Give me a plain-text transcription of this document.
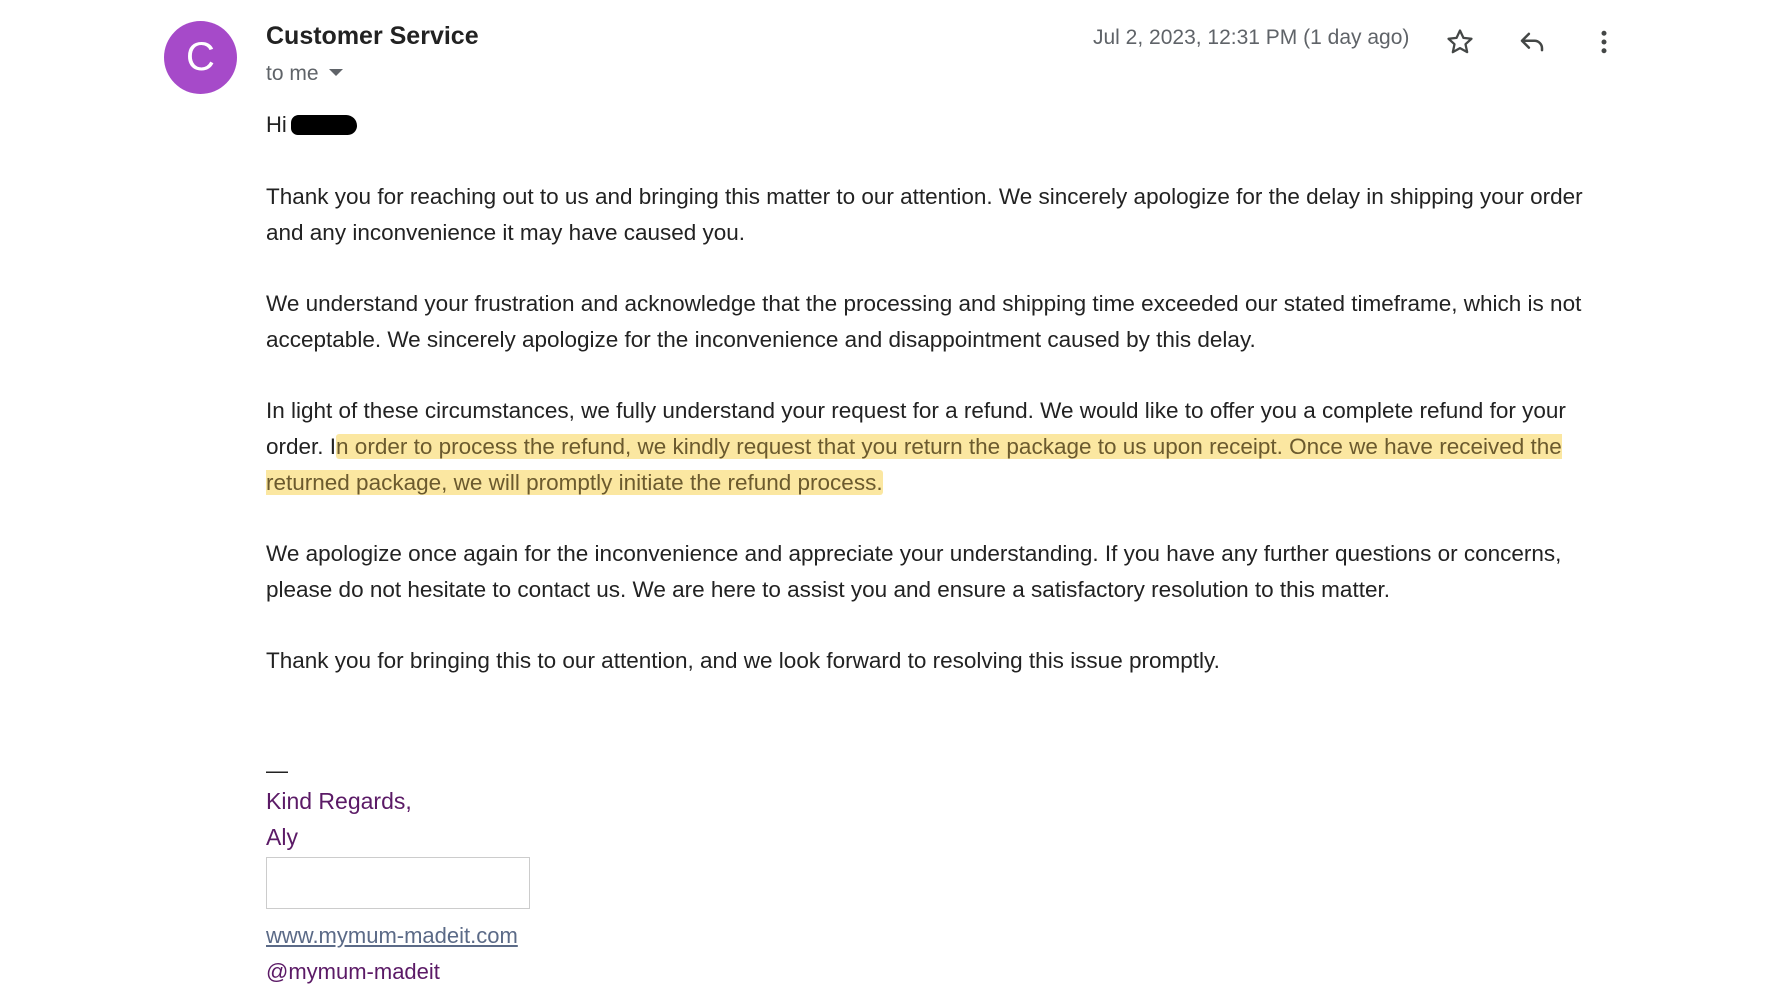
C	Customer Service
to me
Jul 2, 2023, 12:31 PM (1 day ago)
Hi

Thank you for reaching out to us and bringing this matter to our attention. We sincerely apologize for the delay in shipping your order and any inconvenience it may have caused you.

We understand your frustration and acknowledge that the processing and shipping time exceeded our stated timeframe, which is not acceptable. We sincerely apologize for the inconvenience and disappointment caused by this delay.

In light of these circumstances, we fully understand your request for a refund. We would like to offer you a complete refund for your order. In order to process the refund, we kindly request that you return the package to us upon receipt. Once we have received the returned package, we will promptly initiate the refund process.

We apologize once again for the inconvenience and appreciate your understanding. If you have any further questions or concerns, please do not hesitate to contact us. We are here to assist you and ensure a satisfactory resolution to this matter.

Thank you for bringing this to our attention, and we look forward to resolving this issue promptly.

—
Kind Regards,
Aly
www.mymum-madeit.com
@mymum-madeit
